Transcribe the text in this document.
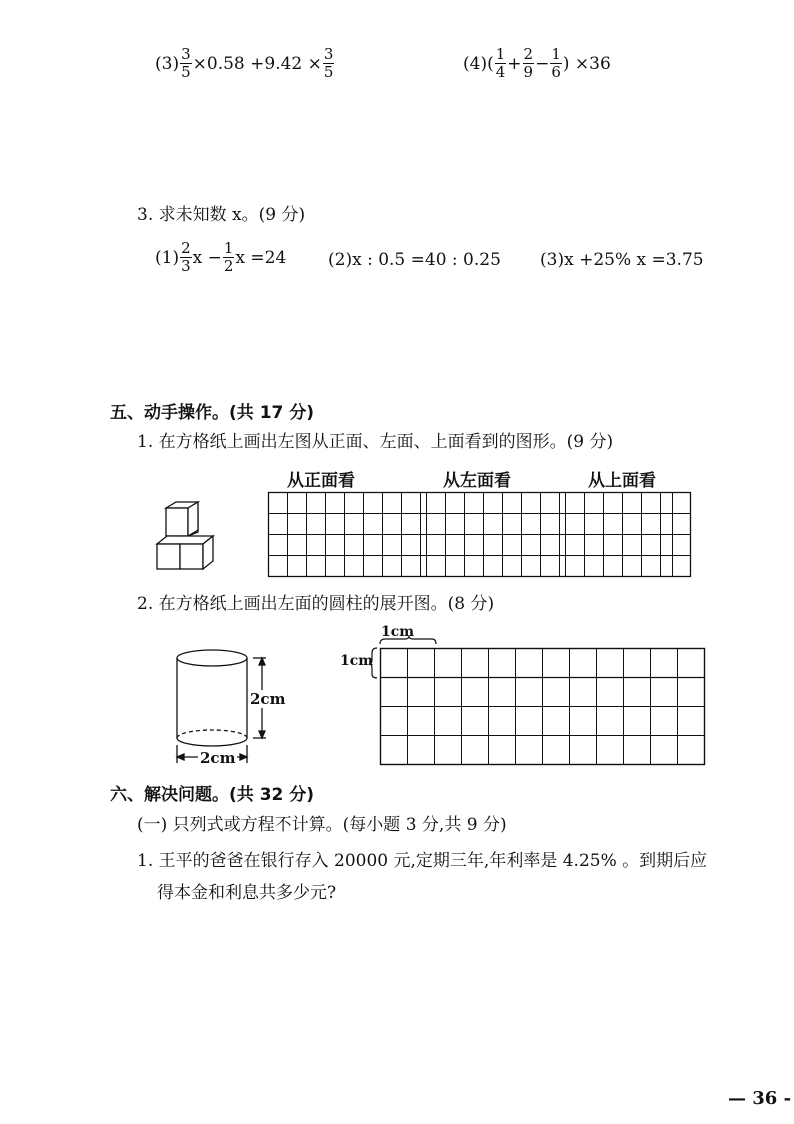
$(3) \frac{3}{5} \times 0.58 +9.42 \times \frac{3}{5}$	$(4)( \frac{1}{4} + \frac{2}{9} - \frac{1}{6}$ ) ×36
3. 求未知数 x。(9 分)
$(1) \frac{2}{3}$ $x - \frac{1}{2}$ x =24 (2)x : 0.5 =40 : 0.25 (3)x +25% x =3.75
五、动手操作。(共 17 分)
1. 在方格纸上画出左图从正面、左面、上面看到的图形。(9 分)
从正面看	从左面看	从上面看
2. 在方格纸上画出左面的圆柱的展开图。(8 分)
2cm
2cm
1cm
1cm
六、解决问题。(共 32 分)
(一) 只列式或方程不计算。(每小题 3 分,共 9 分)
1. 王平的爸爸在银行存入 20000 元,定期三年,年利率是 4.25% 。到期后应
得本金和利息共多少元?
— 36 -
